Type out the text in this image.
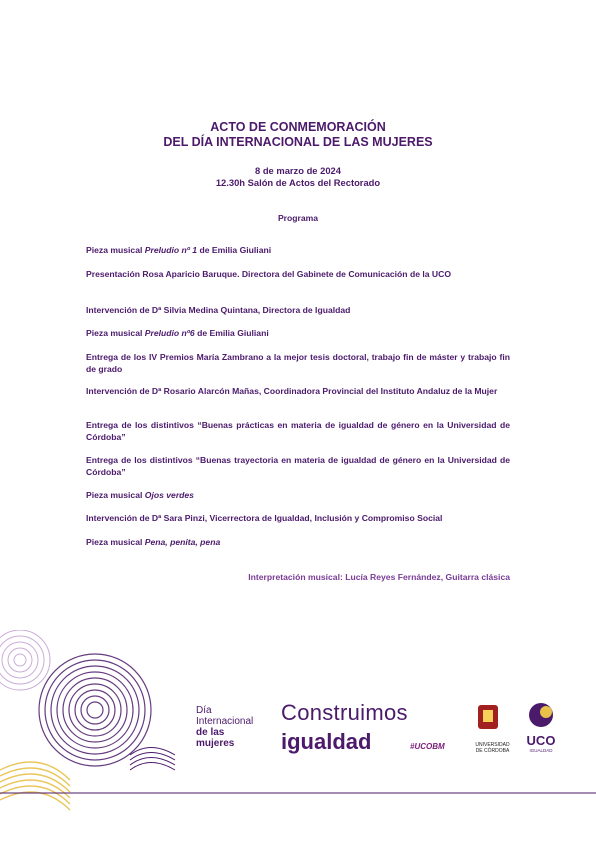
ACTO DE CONMEMORACIÓN
DEL DÍA INTERNACIONAL DE LAS MUJERES
8 de marzo de 2024
12.30h Salón de Actos del Rectorado
Programa
Pieza musical Preludio nº 1 de Emilia Giuliani
Presentación Rosa Aparicio Baruque. Directora del Gabinete de Comunicación de la UCO
Intervención de Dª Silvia Medina Quintana, Directora de Igualdad
Pieza musical Preludio nº6 de Emilia Giuliani
Entrega de los IV Premios María Zambrano a la mejor tesis doctoral, trabajo fin de máster y trabajo fin de grado
Intervención de Dª Rosario Alarcón Mañas, Coordinadora Provincial del Instituto Andaluz de la Mujer
Entrega de los distintivos “Buenas prácticas en materia de igualdad de género en la Universidad de Córdoba”
Entrega de los distintivos “Buenas trayectoria en materia de igualdad de género en la Universidad de Córdoba”
Pieza musical Ojos verdes
Intervención de Dª Sara Pinzi, Vicerrectora de Igualdad, Inclusión y Compromiso Social
Pieza musical Pena, penita, pena
Interpretación musical: Lucía Reyes Fernández, Guitarra clásica
Día
Internacional
de las
mujeres
Construimos
igualdad	#UCOBM	UNIVERSIDAD
DE CÓRDOBA
UCO
IGUALDAD
